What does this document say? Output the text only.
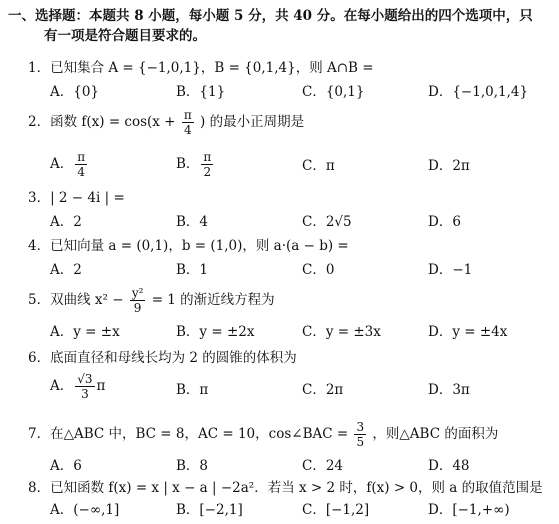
一、选择题：本题共 8 小题，每小题 5 分，共 40 分。在每小题给出的四个选项中，只
有一项是符合题目要求的。
1．已知集合 A = {−1,0,1}，B = {0,1,4}，则 A∩B =
A．{0}	B．{1}	C．{0,1}	D．{−1,0,1,4}
2．函数 $f(x) = \cos(x + \frac{\pi}{4}$ ) 的最小正周期是
A． $\frac{\pi}{4}$	B． $\frac{\pi}{2}$	C．π	D．2π
3．| 2 − 4i | =
A．2	B．4	C．2√5	D．6
4．已知向量 a = (0,1)，b = (1,0)，则 a·(a − b) =
A．2	B．1	C．0	D．−1
5．双曲线 $x^2 - \frac{\text{y²}}{9} = 1$ 的渐近线方程为
A．y = ±x	B．y = ±2x	C．y = ±3x	D．y = ±4x
6．底面直径和母线长均为 2 的圆锥的体积为
A． $\frac{√3}{3}$ π	B．π	C．2π	D．3π
7．在△ABC 中，BC = 8，AC = 10，cos∠BAC = $\frac{3}{5}$ ，则△ABC 的面积为
A．6	B．8	C．24	D．48
8．已知函数 f(x) = x | x − a | −2a²．若当 x > 2 时，f(x) > 0，则 a 的取值范围是
A．(−∞,1]	B．[−2,1]	C．[−1,2]	D．[−1,+∞)
